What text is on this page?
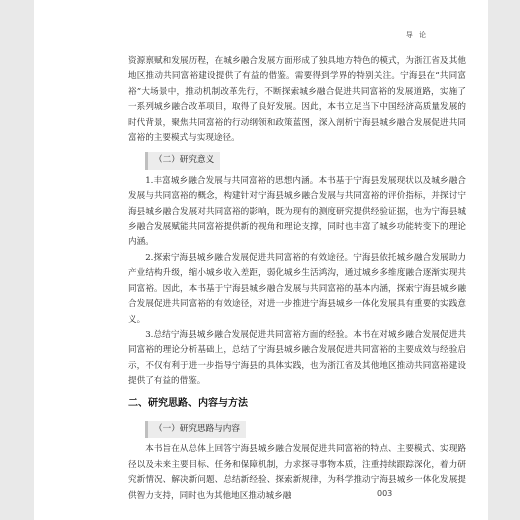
导 论

资源禀赋和发展历程，在城乡融合发展方面形成了独具地方特色的模式，为浙江省及其他地区推动共同富裕建设提供了有益的借鉴。需要得到学界的特别关注。宁海县在“共同富裕”大场景中，推动机制改革先行，不断探索城乡融合促进共同富裕的发展道路，实施了一系列城乡融合改革项目，取得了良好发展。因此，本书立足当下中国经济高质量发展的时代背景，聚焦共同富裕的行动纲领和政策蓝图，深入剖析宁海县城乡融合发展促进共同富裕的主要模式与实现途径。

（二）研究意义

1.丰富城乡融合发展与共同富裕的思想内涵。本书基于宁海县发展现状以及城乡融合发展与共同富裕的概念，构建针对宁海县城乡融合发展与共同富裕的评价指标，并探讨宁海县城乡融合发展对共同富裕的影响，既为现有的测度研究提供经验证据，也为宁海县城乡融合发展赋能共同富裕提供新的视角和理论支撑，同时也丰富了城乡功能转变下的理论内涵。

2.探索宁海县城乡融合发展促进共同富裕的有效途径。宁海县依托城乡融合发展助力产业结构升级，缩小城乡收入差距，弱化城乡生活鸿沟，通过城乡多维度融合逐渐实现共同富裕。因此，本书基于宁海县城乡融合发展与共同富裕的基本内涵，探索宁海县城乡融合发展促进共同富裕的有效途径，对进一步推进宁海县城乡一体化发展具有重要的实践意义。

3.总结宁海县城乡融合发展促进共同富裕方面的经验。本书在对城乡融合发展促进共同富裕的理论分析基础上，总结了宁海县城乡融合发展促进共同富裕的主要成效与经验启示，不仅有利于进一步指导宁海县的具体实践，也为浙江省及其他地区推动共同富裕建设提供了有益的借鉴。

二、研究思路、内容与方法
（一）研究思路与内容

本书旨在从总体上回答宁海县城乡融合发展促进共同富裕的特点、主要模式、实现路径以及未来主要目标、任务和保障机制，力求探寻事物本质，注重持续跟踪深化，着力研究新情况、解决新问题、总结新经验、探索新规律，为科学推动宁海县城乡一体化发展提供智力支持，同时也为其他地区推动城乡融	003
